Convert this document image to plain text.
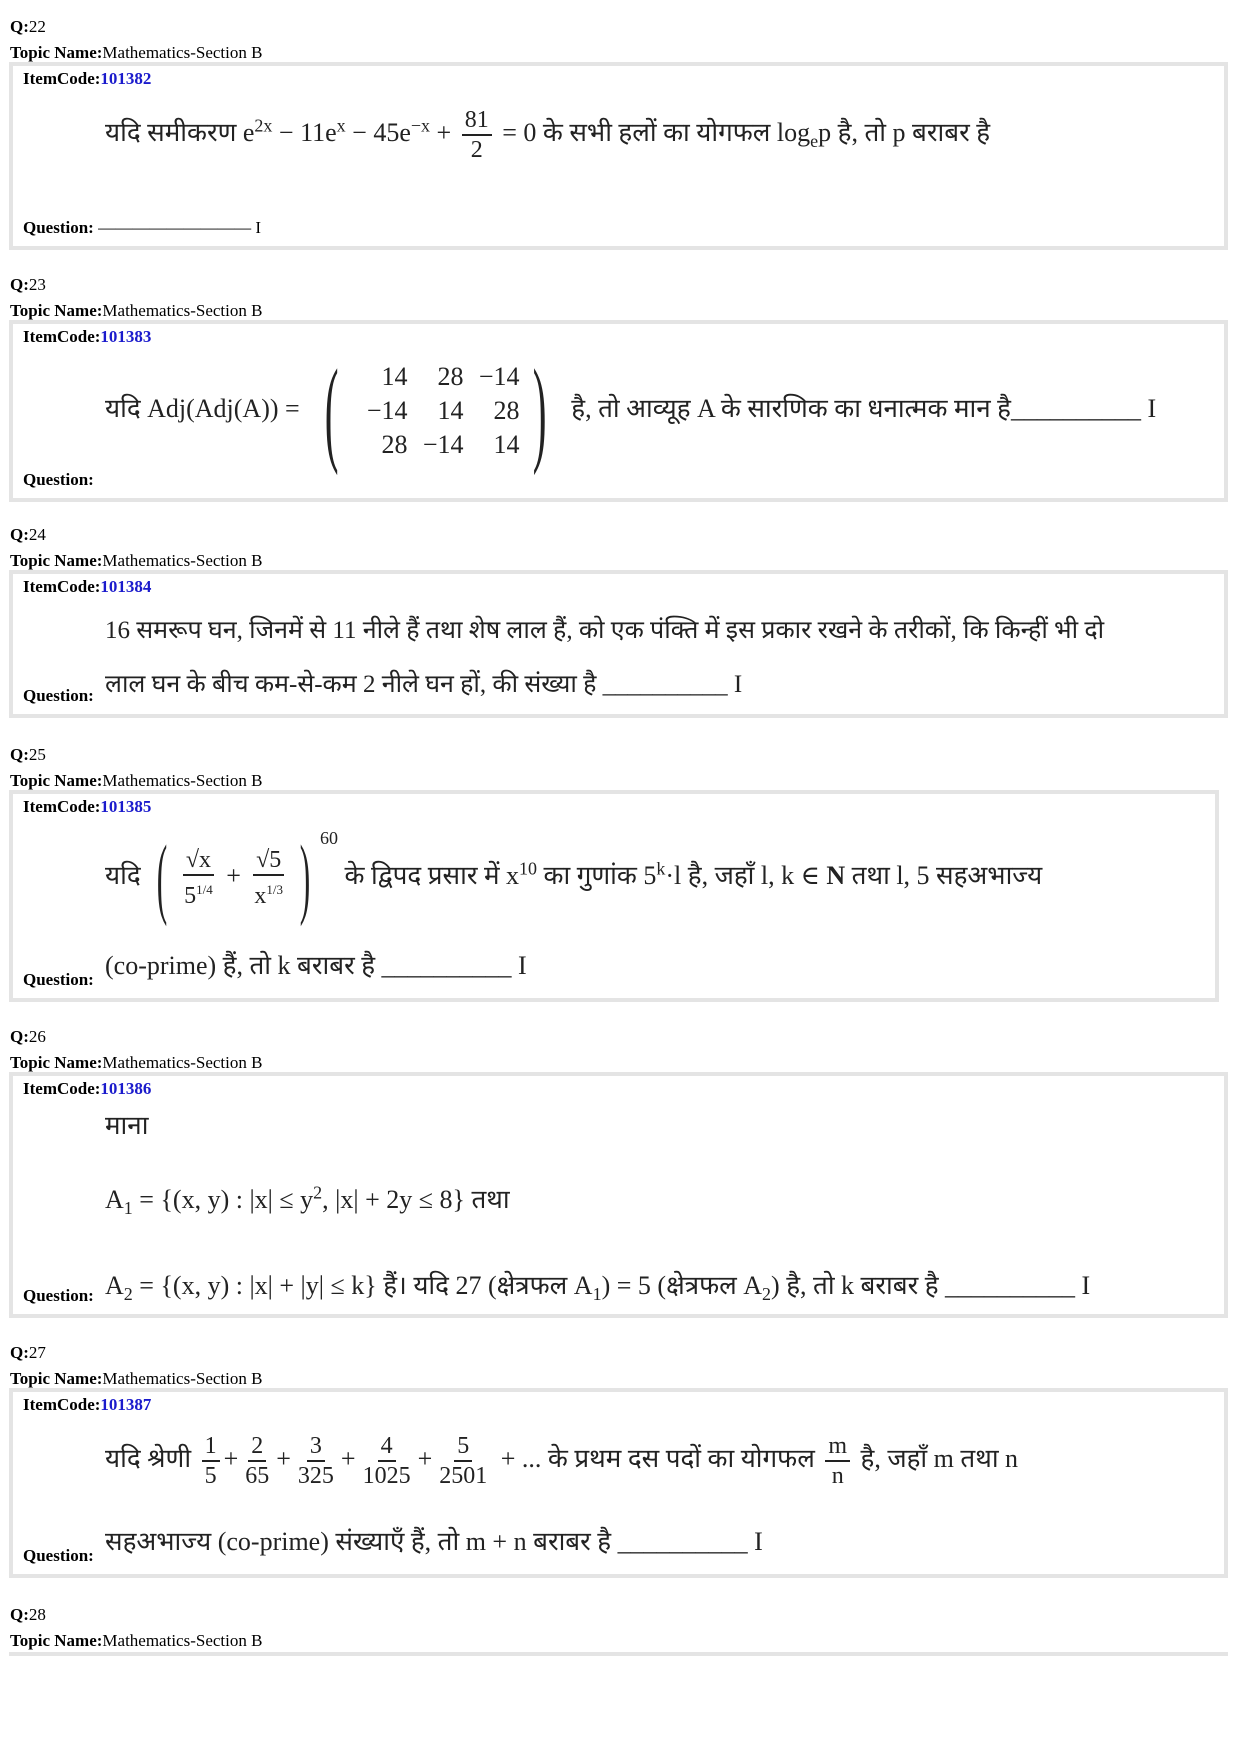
Q:22
Topic Name:Mathematics-Section B
ItemCode:101382
यदि समीकरण $e^{2x} - 11e^x - 45e^{-x} + \frac{81}{2} = 0$ के सभी हलों का योगफल $\log_ep$ है, तो p बराबर है
Question: ————————— I
Q:23
Topic Name:Mathematics-Section B
ItemCode:101383
यदि Adj(Adj(A)) = (	14	28 −14
−14	14	28
28 −14	14 ) है, तो आव्यूह A के सारणिक का धनात्मक मान है__________ I
Question:
Q:24
Topic Name:Mathematics-Section B
ItemCode:101384
16 समरूप घन, जिनमें से 11 नीले हैं तथा शेष लाल हैं, को एक पंक्ति में इस प्रकार रखने के तरीकों, कि किन्हीं भी दो
लाल घन के बीच कम-से-कम 2 नीले घन हों, की संख्या है __________ I
Question:
Q:25
Topic Name:Mathematics-Section B
ItemCode:101385
यदि ( $\frac{√x}{5^{1/4}} + \frac{√5}{x^{1/3}}$ ) $^{60}$ के द्विपद प्रसार में $x^{10}$ का गुणांक $5^k\cdot l$ है, जहाँ l, k ∈ N तथा l, 5 सहअभाज्य
(co-prime) हैं, तो k बराबर है __________ I
Question:
Q:26
Topic Name:Mathematics-Section B
ItemCode:101386
माना
$A_1 = \{(x$, y) : $|x| \le y^2$, |x| + 2y ≤ 8} तथा
$A_2 = \{(x$, y) : |x| + |y| ≤ k} हैं। यदि 27 (क्षेत्रफल $A_1) = 5$ (क्षेत्रफल $A_2$) है, तो k बराबर है __________ I
Question:
Q:27
Topic Name:Mathematics-Section B
ItemCode:101387
यदि श्रेणी $\frac{1}{5} + \frac{2}{65} + \frac{3}{325} + \frac{4}{1025} + \frac{5}{2501}$ + ... के प्रथम दस पदों का योगफल $\frac{m}{n}$ है, जहाँ m तथा n
सहअभाज्य (co-prime) संख्याएँ हैं, तो m + n बराबर है __________ I
Question:
Q:28
Topic Name:Mathematics-Section B
